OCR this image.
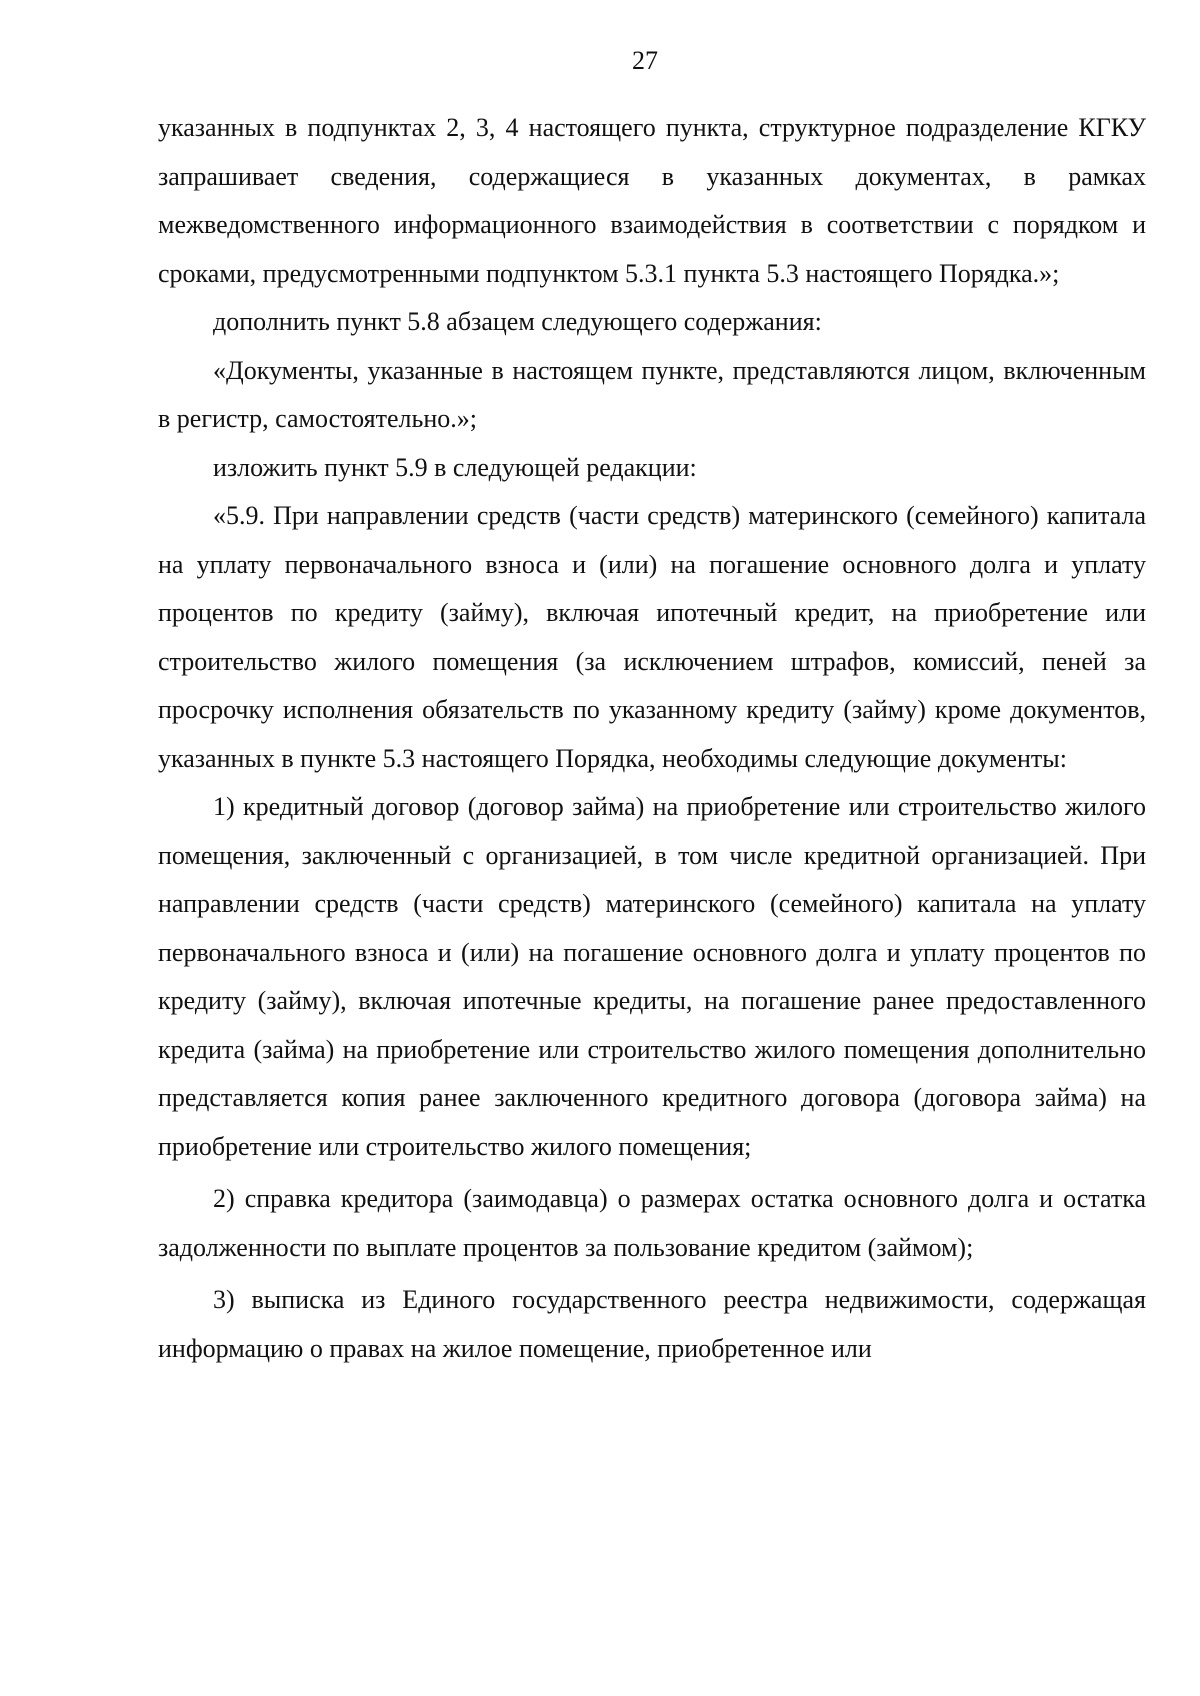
27

указанных в подпунктах 2, 3, 4 настоящего пункта, структурное подразделение КГКУ запрашивает сведения, содержащиеся в указанных документах, в рамках межведомственного информационного взаимодействия в соответствии с порядком и сроками, предусмотренными подпунктом 5.3.1 пункта 5.3 настоящего Порядка.»;

дополнить пункт 5.8 абзацем следующего содержания:

«Документы, указанные в настоящем пункте, представляются лицом, включенным в регистр, самостоятельно.»;

изложить пункт 5.9 в следующей редакции:

«5.9. При направлении средств (части средств) материнского (семейного) капитала на уплату первоначального взноса и (или) на погашение основного долга и уплату процентов по кредиту (займу), включая ипотечный кредит, на приобретение или строительство жилого помещения (за исключением штрафов, комиссий, пеней за просрочку исполнения обязательств по указанному кредиту (займу) кроме документов, указанных в пункте 5.3 настоящего Порядка, необходимы следующие документы:

1) кредитный договор (договор займа) на приобретение или строительство жилого помещения, заключенный с организацией, в том числе кредитной организацией. При направлении средств (части средств) материнского (семейного) капитала на уплату первоначального взноса и (или) на погашение основного долга и уплату процентов по кредиту (займу), включая ипотечные кредиты, на погашение ранее предоставленного кредита (займа) на приобретение или строительство жилого помещения дополнительно представляется копия ранее заключенного кредитного договора (договора займа) на приобретение или строительство жилого помещения;

2) справка кредитора (заимодавца) о размерах остатка основного долга и остатка задолженности по выплате процентов за пользование кредитом (займом);

3) выписка из Единого государственного реестра недвижимости, содержащая информацию о правах на жилое помещение, приобретенное или
